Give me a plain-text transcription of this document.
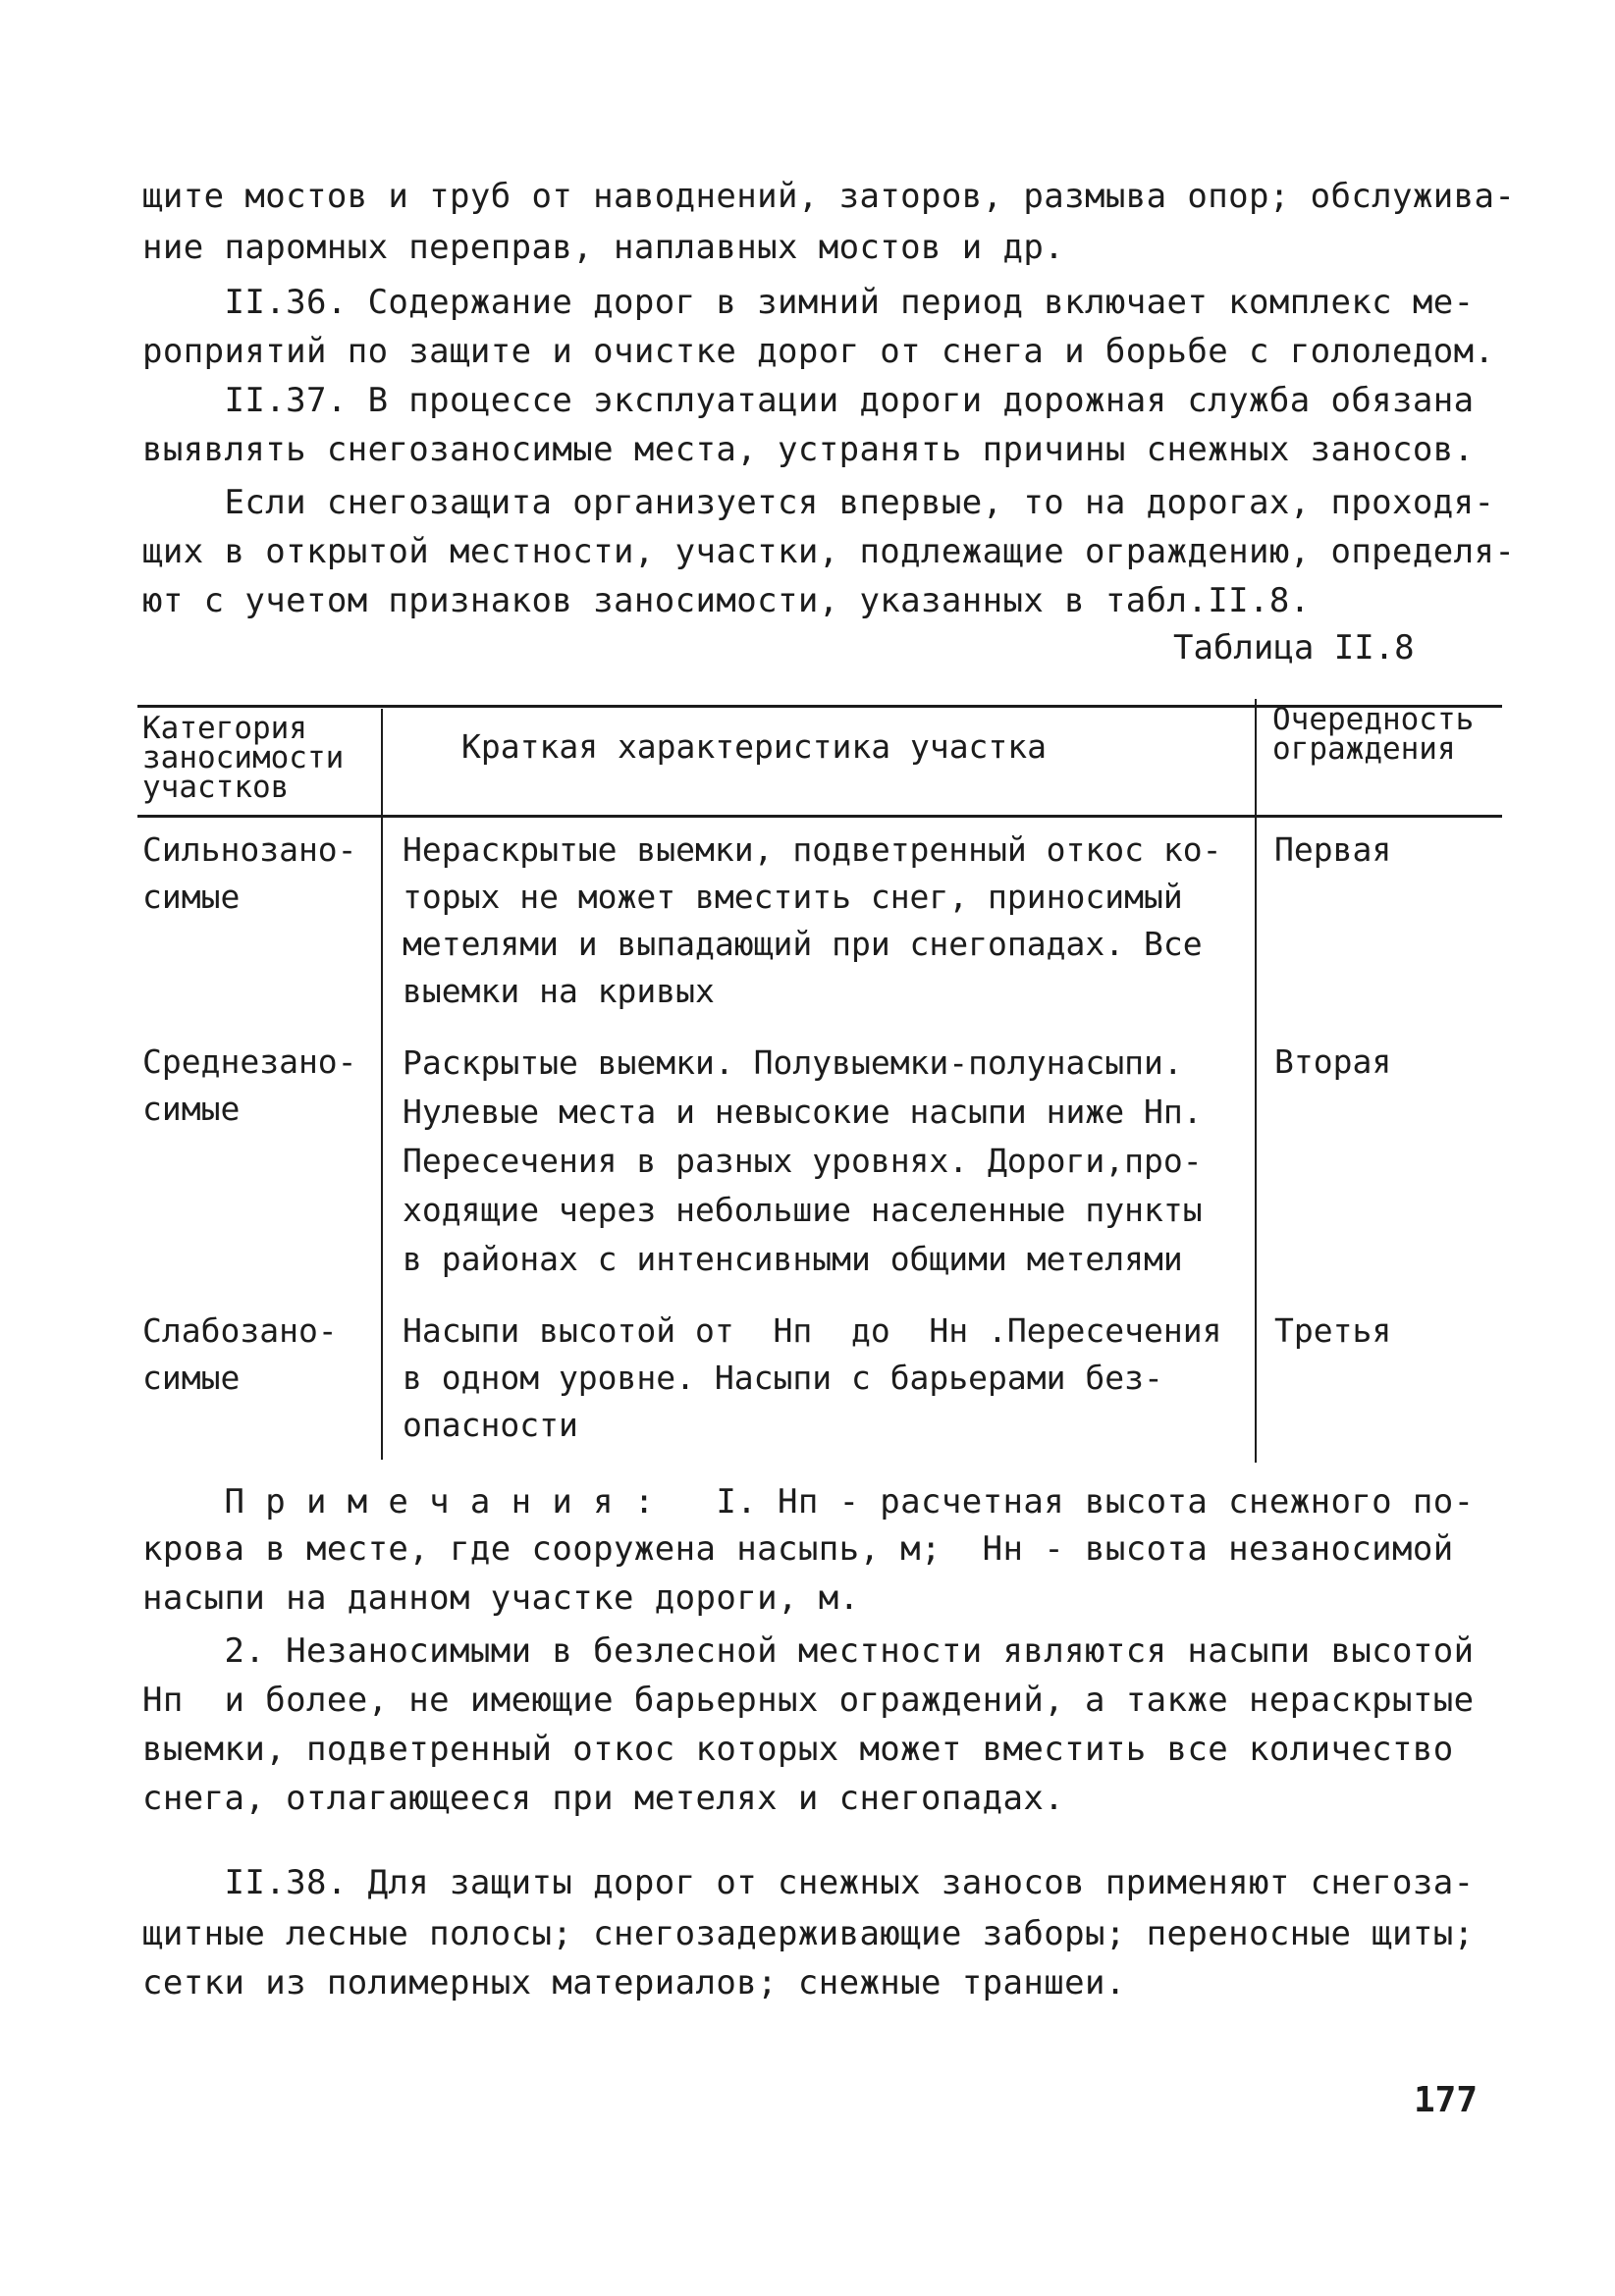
щите мостов и труб от наводнений, заторов, размыва опор; обслужива-
ние паромных переправ, наплавных мостов и др.
II.36. Содержание дорог в зимний период включает комплекс ме-
роприятий по защите и очистке дорог от снега и борьбе с гололедом.
II.37. В процессе эксплуатации дороги дорожная служба обязана
выявлять снегозаносимые места, устранять причины снежных заносов.
Если снегозащита организуется впервые, то на дорогах, проходя-
щих в открытой местности, участки, подлежащие ограждению, определя-
ют с учетом признаков заносимости, указанных в табл.II.8.
Таблица II.8
Категория
заносимости
участков
Краткая характеристика участка
Очередность
ограждения
Сильнозано-
симые
Нераскрытые выемки, подветренный откос ко-
торых не может вместить снег, приносимый
метелями и выпадающий при снегопадах. Все
выемки на кривых
Первая
Среднезано-
симые
Раскрытые выемки. Полувыемки-полунасыпи.
Нулевые места и невысокие насыпи ниже Нп.
Пересечения в разных уровнях. Дороги,про-
ходящие через небольшие населенные пункты
в районах с интенсивными общими метелями
Вторая
Слабозано-
симые
Насыпи высотой от  Нп  до  Нн .Пересечения
в одном уровне. Насыпи с барьерами без-
опасности
Третья
П р и м е ч а н и я :   I. Нп - расчетная высота снежного по-
крова в месте, где сооружена насыпь, м;  Нн - высота незаносимой
насыпи на данном участке дороги, м.
2. Незаносимыми в безлесной местности являются насыпи высотой
Нп  и более, не имеющие барьерных ограждений, а также нераскрытые
выемки, подветренный откос которых может вместить все количество
снега, отлагающееся при метелях и снегопадах.
II.38. Для защиты дорог от снежных заносов применяют снегоза-
щитные лесные полосы; снегозадерживающие заборы; переносные щиты;
сетки из полимерных материалов; снежные траншеи.
177
